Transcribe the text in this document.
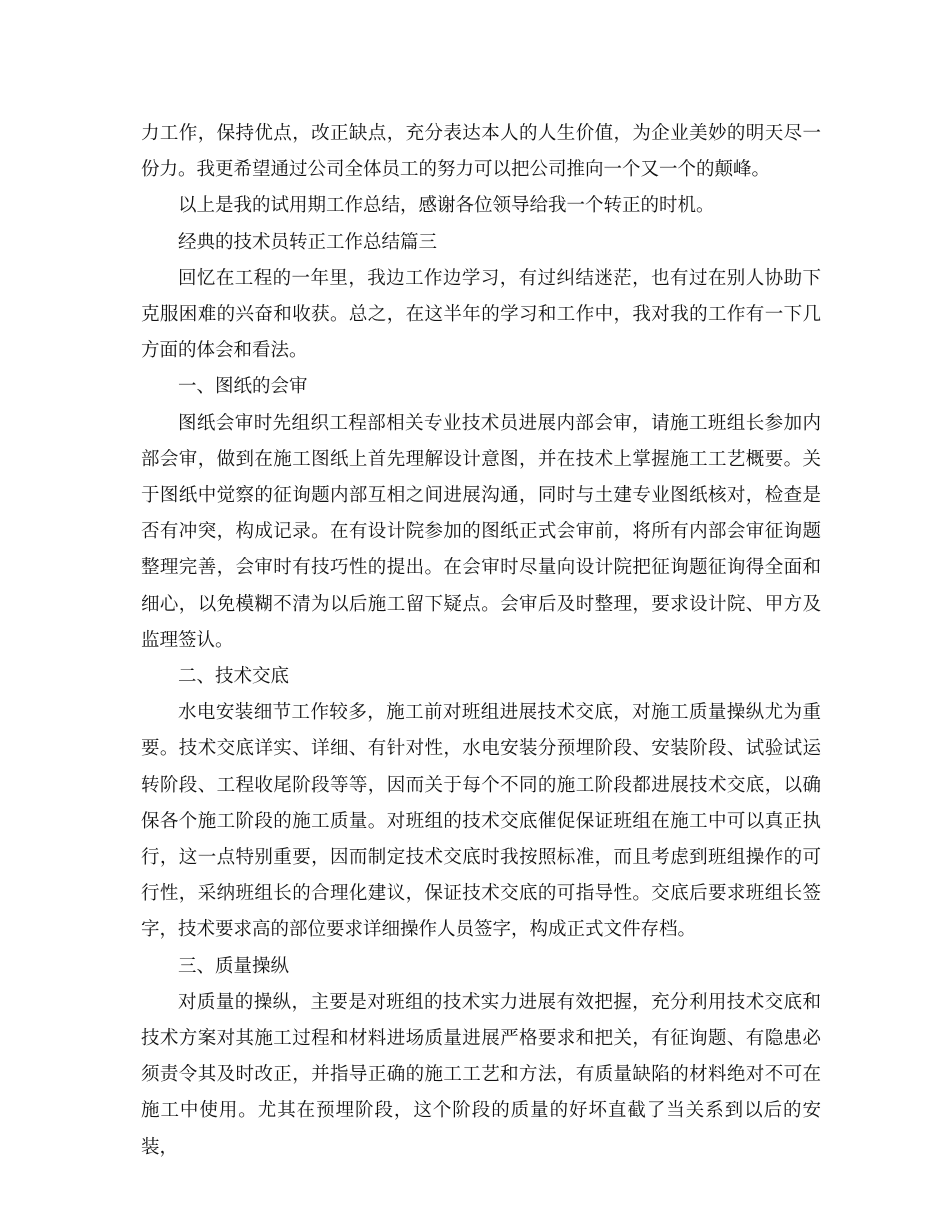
力工作，保持优点，改正缺点，充分表达本人的人生价值，为企业美妙的明天尽一份力。我更希望通过公司全体员工的努力可以把公司推向一个又一个的颠峰。

以上是我的试用期工作总结，感谢各位领导给我一个转正的时机。

经典的技术员转正工作总结篇三

回忆在工程的一年里，我边工作边学习，有过纠结迷茫，也有过在别人协助下克服困难的兴奋和收获。总之，在这半年的学习和工作中，我对我的工作有一下几方面的体会和看法。

一、图纸的会审

图纸会审时先组织工程部相关专业技术员进展内部会审，请施工班组长参加内部会审，做到在施工图纸上首先理解设计意图，并在技术上掌握施工工艺概要。关于图纸中觉察的征询题内部互相之间进展沟通，同时与土建专业图纸核对，检查是否有冲突，构成记录。在有设计院参加的图纸正式会审前，将所有内部会审征询题整理完善，会审时有技巧性的提出。在会审时尽量向设计院把征询题征询得全面和细心，以免模糊不清为以后施工留下疑点。会审后及时整理，要求设计院、甲方及监理签认。

二、技术交底

水电安装细节工作较多，施工前对班组进展技术交底，对施工质量操纵尤为重要。技术交底详实、详细、有针对性，水电安装分预埋阶段、安装阶段、试验试运转阶段、工程收尾阶段等等，因而关于每个不同的施工阶段都进展技术交底，以确保各个施工阶段的施工质量。对班组的技术交底催促保证班组在施工中可以真正执行，这一点特别重要，因而制定技术交底时我按照标准，而且考虑到班组操作的可行性，采纳班组长的合理化建议，保证技术交底的可指导性。交底后要求班组长签字，技术要求高的部位要求详细操作人员签字，构成正式文件存档。

三、质量操纵

对质量的操纵，主要是对班组的技术实力进展有效把握，充分利用技术交底和技术方案对其施工过程和材料进场质量进展严格要求和把关，有征询题、有隐患必须责令其及时改正，并指导正确的施工工艺和方法，有质量缺陷的材料绝对不可在施工中使用。尤其在预埋阶段，这个阶段的质量的好坏直截了当关系到以后的安装，
